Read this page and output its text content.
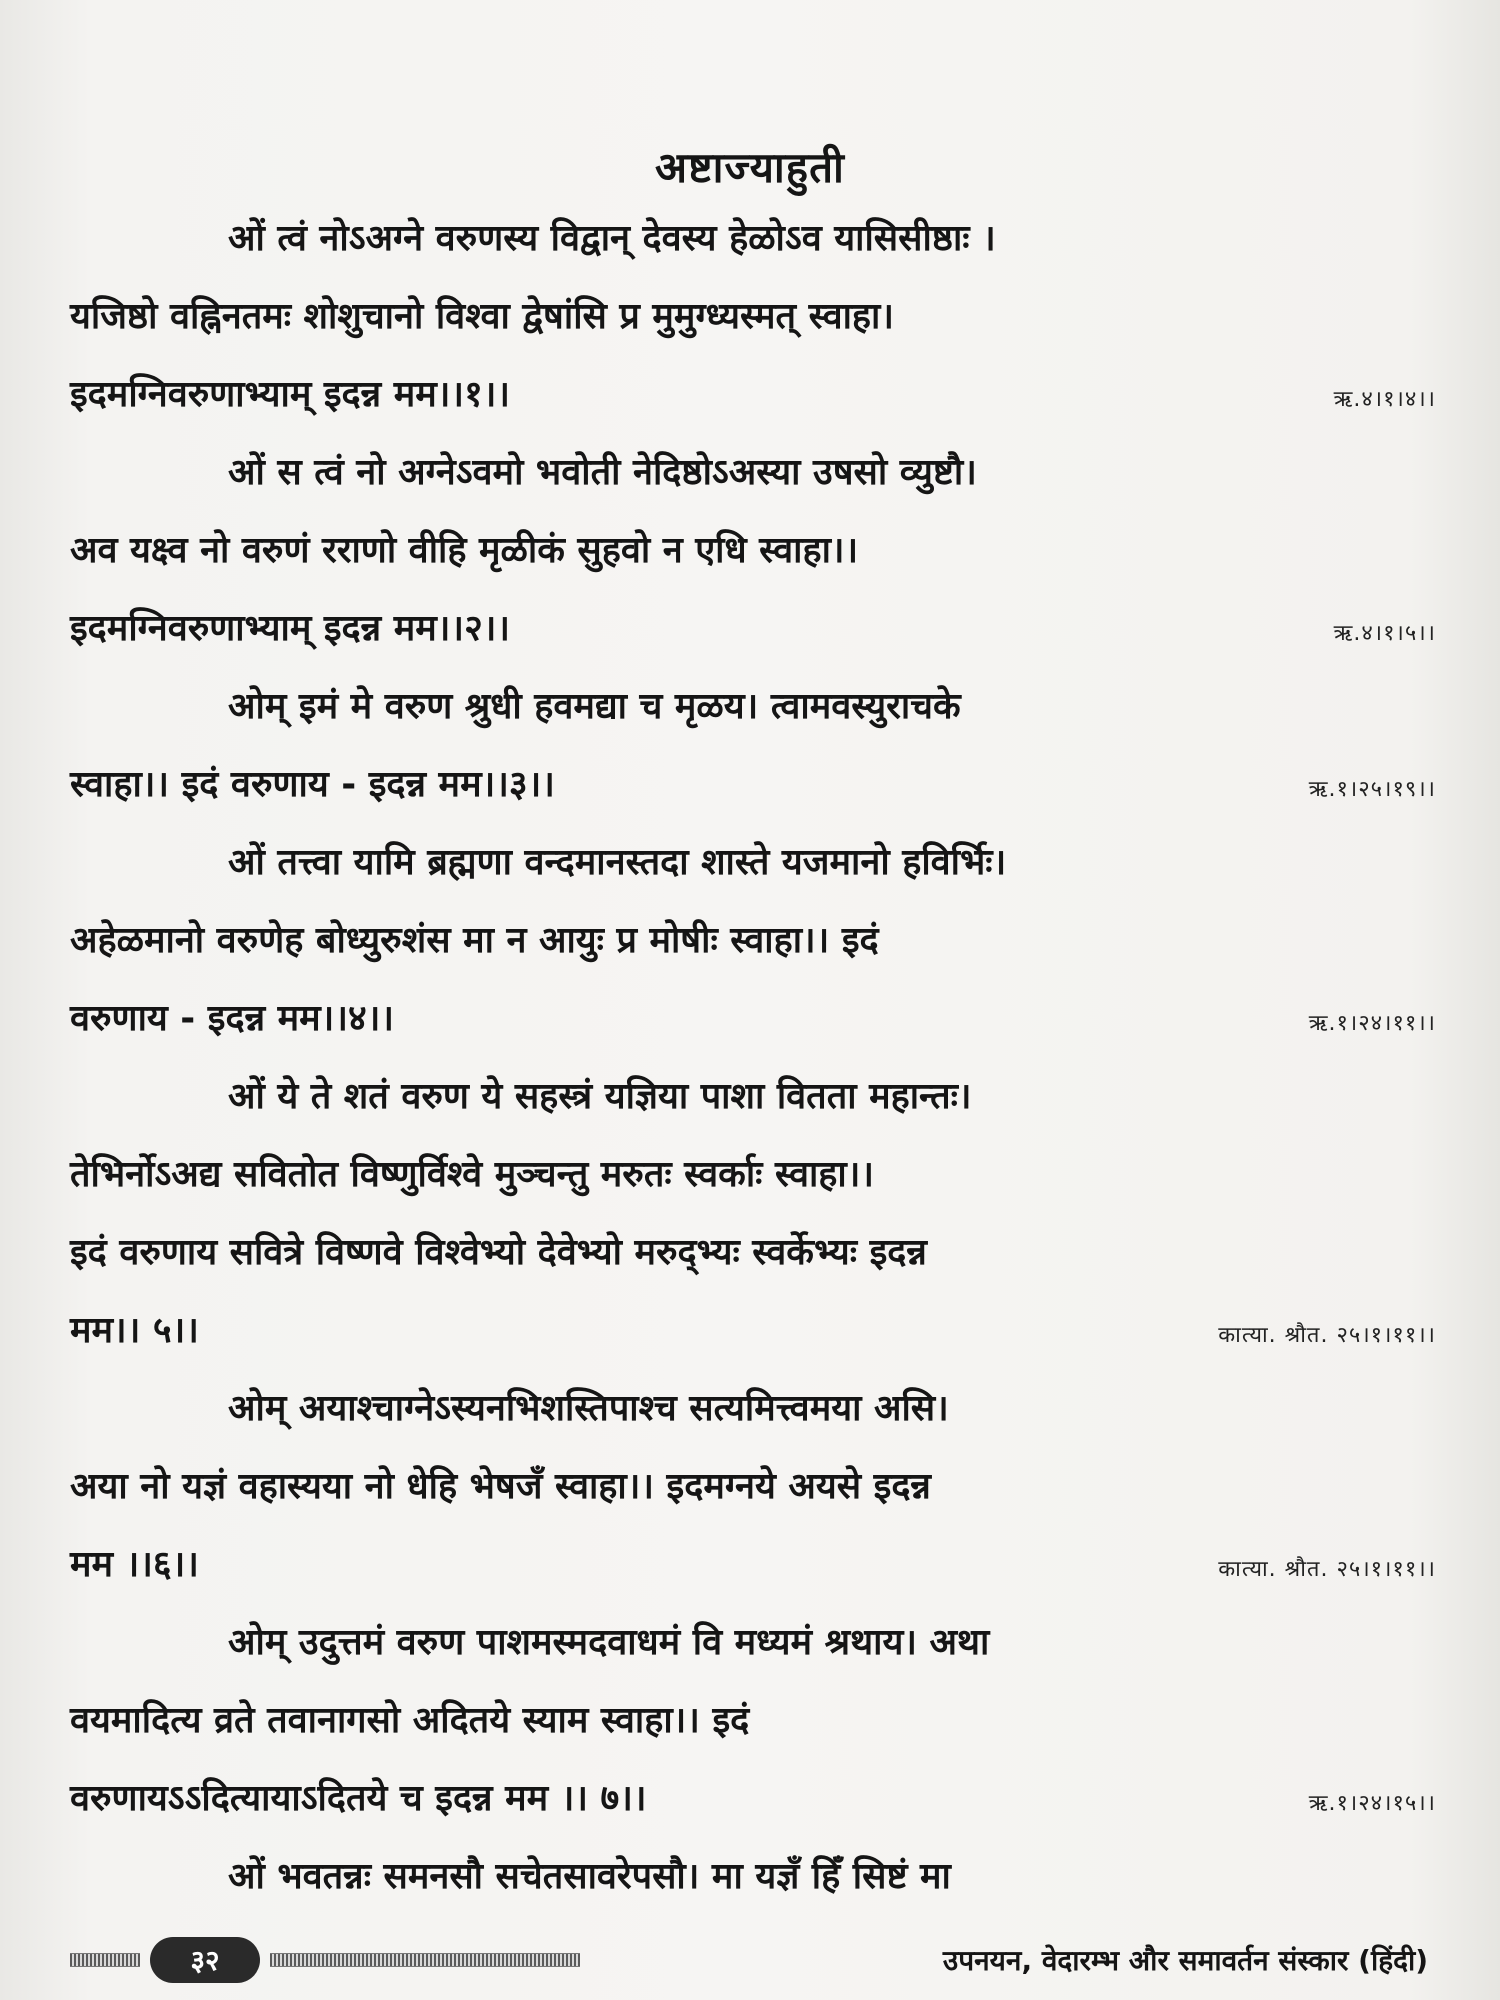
अष्टाज्याहुती
ओं त्वं नोऽअग्ने वरुणस्य विद्वान् देवस्य हेळोऽव यासिसीष्ठाः ।
यजिष्ठो वह्निनतमः शोशुचानो विश्वा द्वेषांसि प्र मुमुग्ध्यस्मत् स्वाहा।
इदमग्निवरुणाभ्याम् इदन्न मम।।१।।	ऋ.४।१।४।।
ओं स त्वं नो अग्नेऽवमो भवोती नेदिष्ठोऽअस्या उषसो व्युष्टौ।
अव यक्ष्व नो वरुणं रराणो वीहि मृळीकं सुहवो न एधि स्वाहा।।
इदमग्निवरुणाभ्याम् इदन्न मम।।२।।	ऋ.४।१।५।।
ओम् इमं मे वरुण श्रुधी हवमद्या च मृळय। त्वामवस्युराचके
स्वाहा।। इदं वरुणाय - इदन्न मम।।३।।	ऋ.१।२५।१९।।
ओं तत्त्वा यामि ब्रह्मणा वन्दमानस्तदा शास्ते यजमानो हविर्भिः।
अहेळमानो वरुणेह बोध्युरुशंस मा न आयुः प्र मोषीः स्वाहा।। इदं
वरुणाय - इदन्न मम।।४।।	ऋ.१।२४।११।।
ओं ये ते शतं वरुण ये सहस्त्रं यज्ञिया पाशा वितता महान्तः।
तेभिर्नोऽअद्य सवितोत विष्णुर्विश्वे मुञ्चन्तु मरुतः स्वर्काः स्वाहा।।
इदं वरुणाय सवित्रे विष्णवे विश्वेभ्यो देवेभ्यो मरुद्भ्यः स्वर्केभ्यः इदन्न
मम।। ५।।	कात्या. श्रौत. २५।१।११।।
ओम् अयाश्चाग्नेऽस्यनभिशस्तिपाश्च सत्यमित्त्वमया असि।
अया नो यज्ञं वहास्यया नो धेहि भेषजँ स्वाहा।। इदमग्नये अयसे इदन्न
मम ।।६।।	कात्या. श्रौत. २५।१।११।।
ओम् उदुत्तमं वरुण पाशमस्मदवाधमं वि मध्यमं श्रथाय। अथा
वयमादित्य व्रते तवानागसो अदितये स्याम स्वाहा।। इदं
वरुणायऽऽदित्यायाऽदितये च इदन्न मम ।। ७।।	ऋ.१।२४।१५।।
ओं भवतन्नः समनसौ सचेतसावरेपसौ। मा यज्ञँ हिँ सिष्टं मा
३२	उपनयन, वेदारम्भ और समावर्तन संस्कार (हिंदी)
